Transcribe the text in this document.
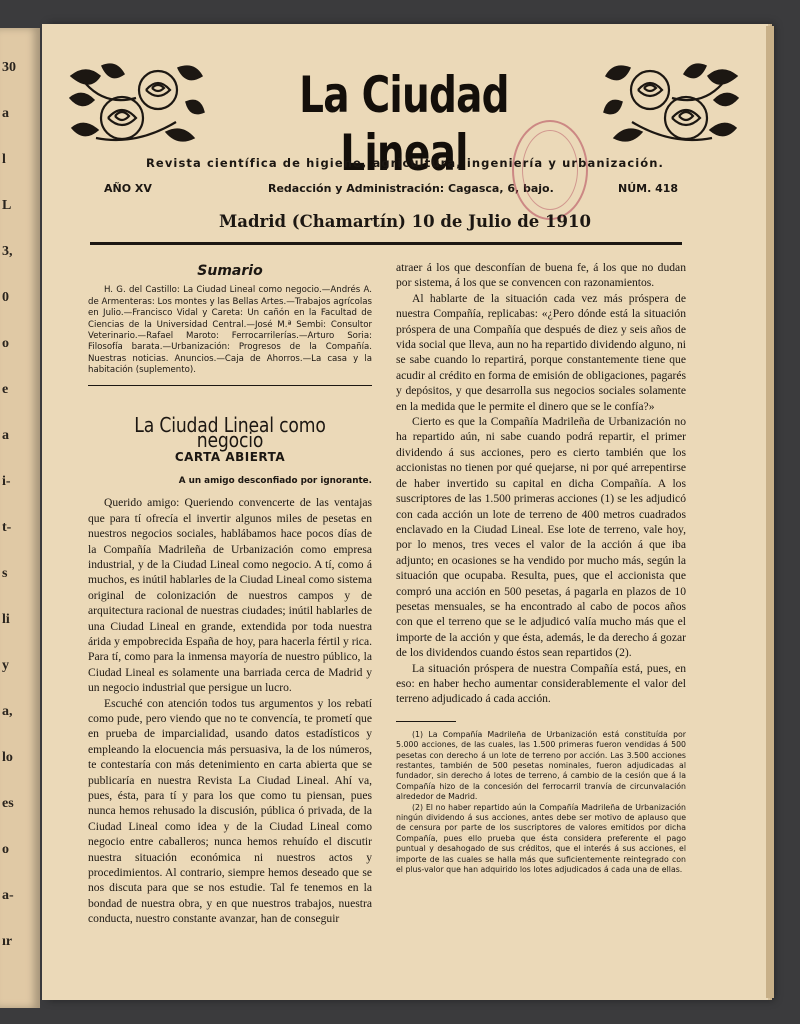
30
a
l
L
3,
0
o
e
a
i-
t-
s
li
y
a,
lo
es
o
a-
ır
La Ciudad Lineal
Revista científica de higiene, agricultura, ingeniería y urbanización.
AÑO XV	Redacción y Administración: Cagasca, 6, bajo.	NÚM. 418
Madrid (Chamartín) 10 de Julio de 1910
Sumario

H. G. del Castillo: La Ciudad Lineal como negocio.—Andrés A. de Armenteras: Los montes y las Bellas Artes.—Trabajos agrícolas en Julio.—Francisco Vidal y Careta: Un cañón en la Facultad de Ciencias de la Universidad Central.—José M.ª Sembi: Consultor Veterinario.—Rafael Maroto: Ferrocarrilerías.—Arturo Soria: Filosofía barata.—Urbanización: Progresos de la Compañía. Nuestras noticias. Anuncios.—Caja de Ahorros.—La casa y la habitación (suplemento).

La Ciudad Lineal como negocio
CARTA ABIERTA
A un amigo desconfiado por ignorante.

Querido amigo: Queriendo convencerte de las ventajas que para tí ofrecía el invertir algunos miles de pesetas en nuestros negocios sociales, hablábamos hace pocos días de la Compañía Madrileña de Urbanización como empresa industrial, y de la Ciudad Lineal como negocio. A tí, como á muchos, es inútil hablarles de la Ciudad Lineal como sistema original de colonización de nuestros campos y de arquitectura racional de nuestras ciudades; inútil hablarles de una Ciudad Lineal en grande, extendida por toda nuestra árida y empobrecida España de hoy, para hacerla fértil y rica. Para tí, como para la inmensa mayoría de nuestro público, la Ciudad Lineal es solamente una barriada cerca de Madrid y un negocio industrial que persigue un lucro.

Escuché con atención todos tus argumentos y los rebatí como pude, pero viendo que no te convencía, te prometí que en prueba de imparcialidad, usando datos estadísticos y empleando la elocuencia más persuasiva, la de los números, te contestaría con más detenimiento en carta abierta que se publicaría en nuestra Revista La Ciudad Lineal. Ahí va, pues, ésta, para tí y para los que como tu piensan, pues nunca hemos rehusado la discusión, pública ó privada, de la Ciudad Lineal como idea y de la Ciudad Lineal como negocio entre caballeros; nunca hemos rehuído el discutir nuestra situación económica ni nuestros actos y procedimientos. Al contrario, siempre hemos deseado que se nos discuta para que se nos estudie. Tal fe tenemos en la bondad de nuestra obra, y en que nuestros trabajos, nuestra conducta, nuestro constante avanzar, han de conseguir

atraer á los que desconfían de buena fe, á los que no dudan por sistema, á los que se convencen con razonamientos.

Al hablarte de la situación cada vez más próspera de nuestra Compañía, replicabas: «¿Pero dónde está la situación próspera de una Compañía que después de diez y seis años de vida social que lleva, aun no ha repartido dividendo alguno, ni se sabe cuando lo repartirá, porque constantemente tiene que acudir al crédito en forma de emisión de obligaciones, pagarés y depósitos, y que desarrolla sus negocios sociales solamente en la medida que le permite el dinero que se le confía?»

Cierto es que la Compañía Madrileña de Urbanización no ha repartido aún, ni sabe cuando podrá repartir, el primer dividendo á sus acciones, pero es cierto también que los accionistas no tienen por qué quejarse, ni por qué arrepentirse de haber invertido su capital en dicha Compañía. A los suscriptores de las 1.500 primeras acciones (1) se les adjudicó con cada acción un lote de terreno de 400 metros cuadrados enclavado en la Ciudad Lineal. Ese lote de terreno, vale hoy, por lo menos, tres veces el valor de la acción á que iba adjunto; en ocasiones se ha vendido por mucho más, según la situación que ocupaba. Resulta, pues, que el accionista que compró una acción en 500 pesetas, á pagarla en plazos de 10 pesetas mensuales, se ha encontrado al cabo de pocos años con que el terreno que se le adjudicó valía mucho más que el importe de la acción y que ésta, además, le da derecho á gozar de los dividendos cuando éstos sean repartidos (2).

La situación próspera de nuestra Compañía está, pues, en eso: en haber hecho aumentar considerablemente el valor del terreno adjudicado á cada acción.

(1) La Compañía Madrileña de Urbanización está constituída por 5.000 acciones, de las cuales, las 1.500 primeras fueron vendidas á 500 pesetas con derecho á un lote de terreno por acción. Las 3.500 acciones restantes, también de 500 pesetas nominales, fueron adjudicadas al fundador, sin derecho á lotes de terreno, á cambio de la cesión que á la Compañía hizo de la concesión del ferrocarril tranvía de circunvalación alrededor de Madrid.

(2) El no haber repartido aún la Compañía Madrileña de Urbanización ningún dividendo á sus acciones, antes debe ser motivo de aplauso que de censura por parte de los suscriptores de valores emitidos por dicha Compañía, pues ello prueba que ésta considera preferente el pago puntual y desahogado de sus créditos, que el interés á sus acciones, el importe de las cuales se halla más que suficientemente reintegrado con el plus-valor que han adquirido los lotes adjudicados á cada una de ellas.
